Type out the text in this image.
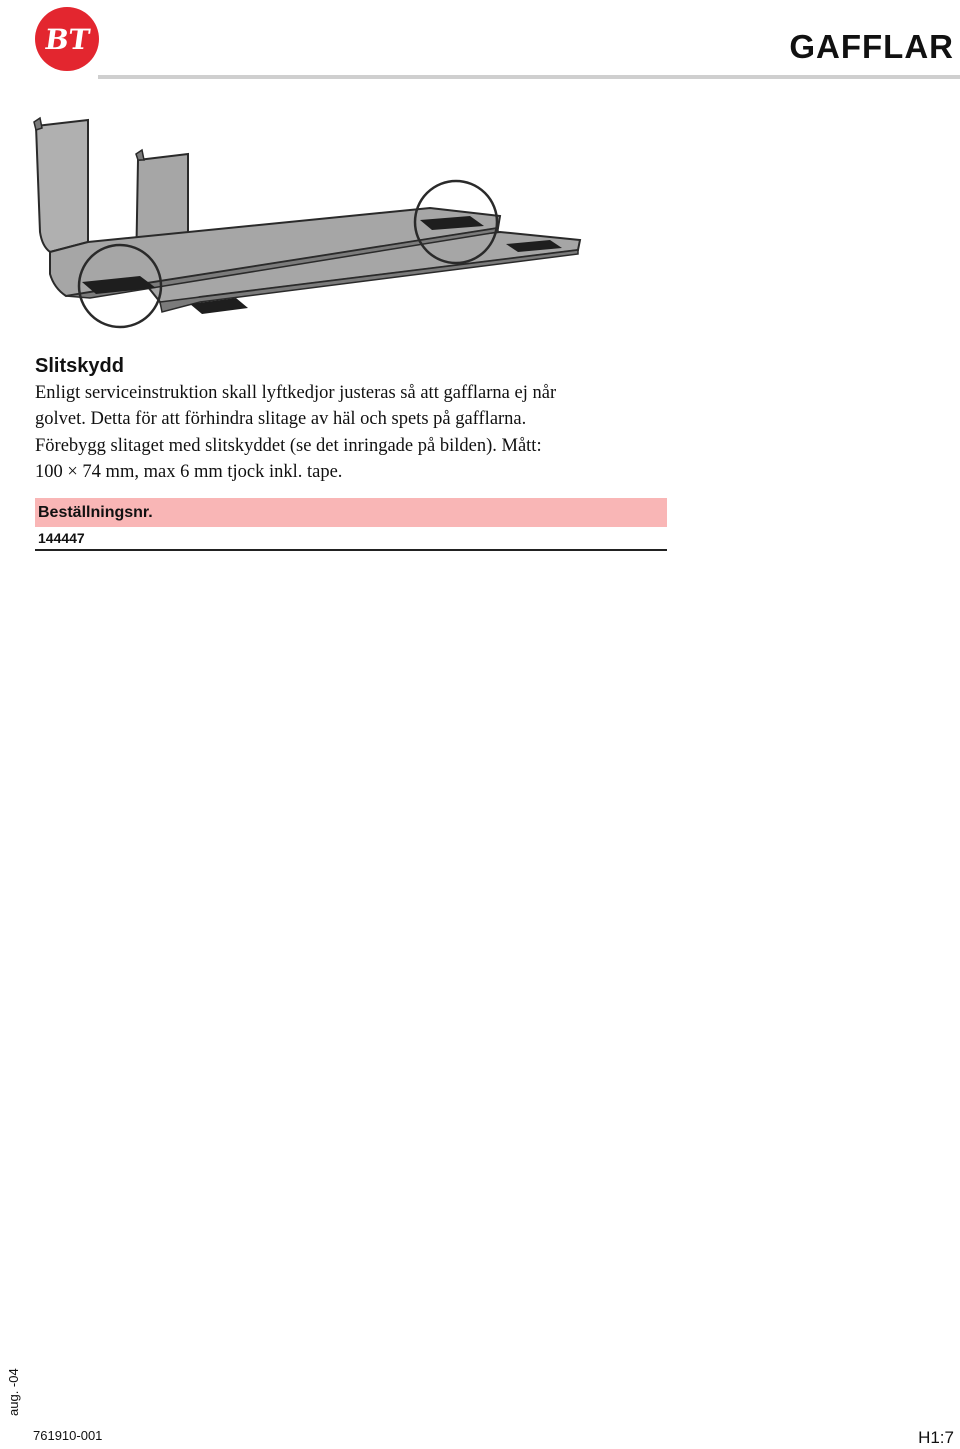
BT	GAFFLAR
Slitskydd

Enligt serviceinstruktion skall lyftkedjor justeras så att gafflarna ej når

golvet. Detta för att förhindra slitage av häl och spets på gafflarna.

Förebygg slitaget med slitskyddet (se det inringade på bilden). Mått:

100 × 74 mm, max 6 mm tjock inkl. tape.

Beställningsnr.
144447
aug. -04
761910-001	H1:7
